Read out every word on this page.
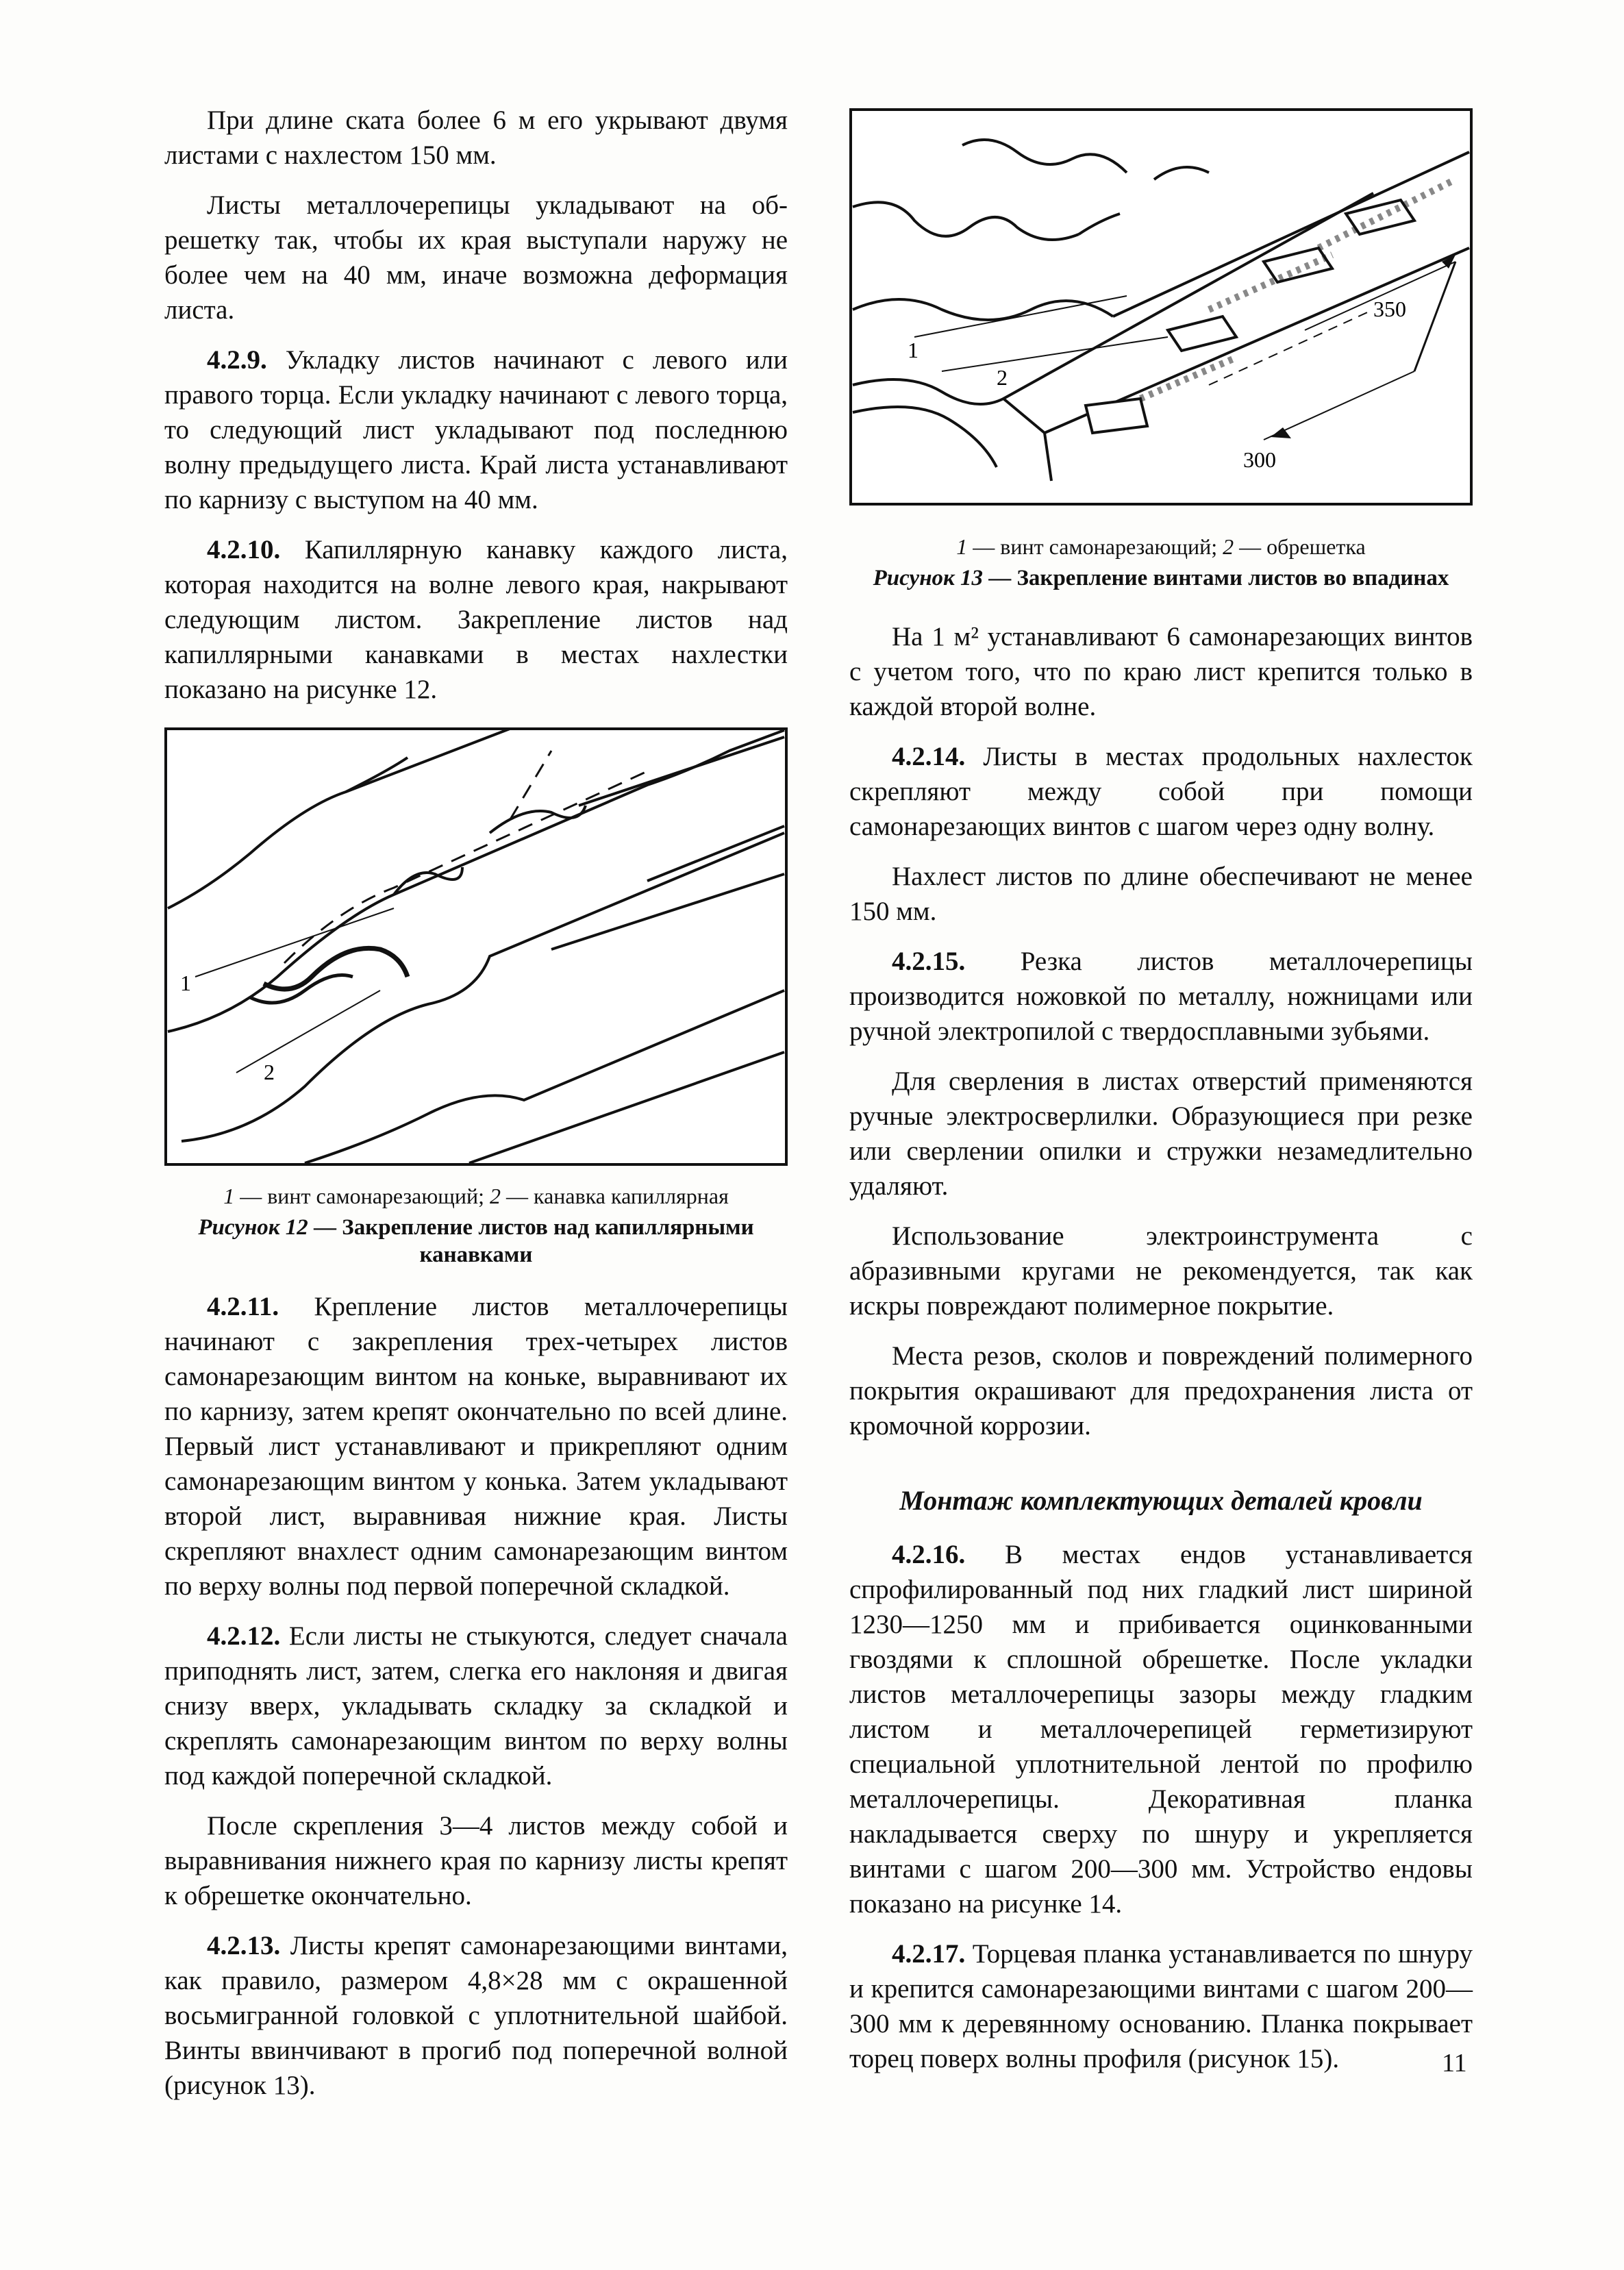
При длине ската более 6 м его укрывают двумя листами с нахлестом 150 мм.

Листы металлочерепицы укладывают на об-решетку так, чтобы их края выступали наружу не более чем на 40 мм, иначе возможна деформация листа.

4.2.9. Укладку листов начинают с левого или правого торца. Если укладку начинают с левого торца, то следующий лист укладывают под последнюю волну предыдущего листа. Край листа устанавливают по карнизу с выступом на 40 мм.

4.2.10. Капиллярную канавку каждого листа, которая находится на волне левого края, накрывают следующим листом. Закрепление листов над капиллярными канавками в местах нахлестки показано на рисунке 12.

1
2
1 — винт самонарезающий; 2 — канавка капиллярная
Рисунок 12 — Закрепление листов над капиллярными канавками

4.2.11. Крепление листов металлочерепицы начинают с закрепления трех-четырех листов самонарезающим винтом на коньке, выравнивают их по карнизу, затем крепят окончательно по всей длине. Первый лист устанавливают и прикрепляют одним самонарезающим винтом у конька. Затем укладывают второй лист, выравнивая нижние края. Листы скрепляют внахлест одним самонарезающим винтом по верху волны под первой поперечной складкой.

4.2.12. Если листы не стыкуются, следует сначала приподнять лист, затем, слегка его наклоняя и двигая снизу вверх, укладывать складку за складкой и скреплять самонарезающим винтом по верху волны под каждой поперечной складкой.

После скрепления 3—4 листов между собой и выравнивания нижнего края по карнизу листы крепят к обрешетке окончательно.

4.2.13. Листы крепят самонарезающими винтами, как правило, размером 4,8×28 мм с окрашенной восьмигранной головкой с уплотнительной шайбой. Винты ввинчивают в прогиб под поперечной волной (рисунок 13).

1
2
350
300
1 — винт самонарезающий; 2 — обрешетка
Рисунок 13 — Закрепление винтами листов во впадинах

На 1 м² устанавливают 6 самонарезающих винтов с учетом того, что по краю лист крепится только в каждой второй волне.

4.2.14. Листы в местах продольных нахлесток скрепляют между собой при помощи самонарезающих винтов с шагом через одну волну.

Нахлест листов по длине обеспечивают не менее 150 мм.

4.2.15. Резка листов металлочерепицы производится ножовкой по металлу, ножницами или ручной электропилой с твердосплавными зубьями.

Для сверления в листах отверстий применяются ручные электросверлилки. Образующиеся при резке или сверлении опилки и стружки незамедлительно удаляют.

Использование электроинструмента с абразивными кругами не рекомендуется, так как искры повреждают полимерное покрытие.

Места резов, сколов и повреждений полимерного покрытия окрашивают для предохранения листа от кромочной коррозии.

Монтаж комплектующих деталей кровли

4.2.16. В местах ендов устанавливается спрофилированный под них гладкий лист шириной 1230—1250 мм и прибивается оцинкованными гвоздями к сплошной обрешетке. После укладки листов металлочерепицы зазоры между гладким листом и металлочерепицей герметизируют специальной уплотнительной лентой по профилю металлочерепицы. Декоративная планка накладывается сверху по шнуру и укрепляется винтами с шагом 200—300 мм. Устройство ендовы показано на рисунке 14.

4.2.17. Торцевая планка устанавливается по шнуру и крепится самонарезающими винтами с шагом 200—300 мм к деревянному основанию. Планка покрывает торец поверх волны профиля (рисунок 15).	11
